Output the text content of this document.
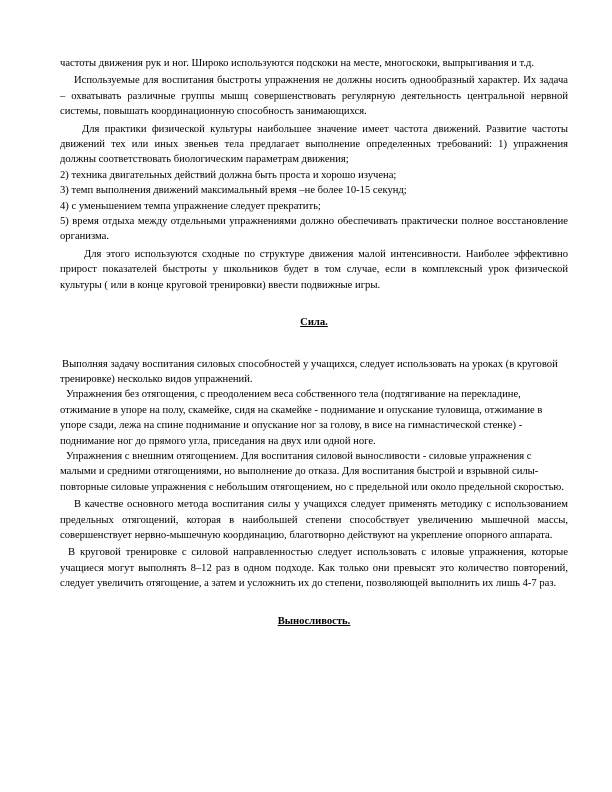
частоты движения рук и ног. Широко используются подскоки на месте, многоскоки, выпрыгивания и т.д.

Используемые для воспитания быстроты упражнения не должны носить однообразный характер. Их задача – охватывать различные группы мышц совершенствовать регулярную деятельность центральной нервной системы, повышать координационную способность занимающихся.

Для практики физической культуры наибольшее значение имеет частота движений. Развитие частоты движений тех или иных звеньев тела предлагает выполнение определенных требований: 1) упражнения должны соответствовать биологическим параметрам движения;

2) техника двигательных действий должна быть проста и хорошо изучена;

3) темп выполнения движений максимальный время –не более 10-15 секунд;

4) с уменьшением темпа упражнение следует прекратить;

5) время отдыха между отдельными упражнениями должно обеспечивать практически полное восстановление организма.

Для этого используются сходные по структуре движения малой интенсивности. Наиболее эффективно прирост показателей быстроты у школьников будет в том случае, если в комплексный урок физической культуры ( или в конце круговой тренировки) ввести подвижные игры.

Сила.

Выполняя задачу воспитания силовых способностей у учащихся, следует использовать на уроках (в круговой тренировке) несколько видов упражнений.

Упражнения без отягощения, с преодолением веса собственного тела (подтягивание на перекладине, отжимание в упоре на полу, скамейке, сидя на скамейке - поднимание и опускание туловища, отжимание в упоре сзади, лежа на спине поднимание и опускание ног за голову, в висе на гимнастической стенке) - поднимание ног до прямого угла, приседания на двух или одной ноге.

Упражнения с внешним отягощением. Для воспитания силовой выносливости - силовые упражнения с малыми и средними отягощениями, но выполнение до отказа. Для воспитания быстрой и взрывной силы- повторные силовые упражнения с небольшим отягощением, но с предельной или около предельной скоростью.

В качестве основного метода воспитания силы у учащихся следует применять методику с использованием предельных отягощений, которая в наибольшей степени способствует увеличению мышечной массы, совершенствует нервно-мышечную координацию, благотворно действуют на укрепление опорного аппарата.

В круговой тренировке с силовой направленностью следует использовать с иловые упражнения, которые учащиеся могут выполнять 8–12 раз в одном подходе. Как только они превысят это количество повторений, следует увеличить отягощение, а затем и усложнить их до степени, позволяющей выполнить их лишь 4-7 раз.

Выносливость.
